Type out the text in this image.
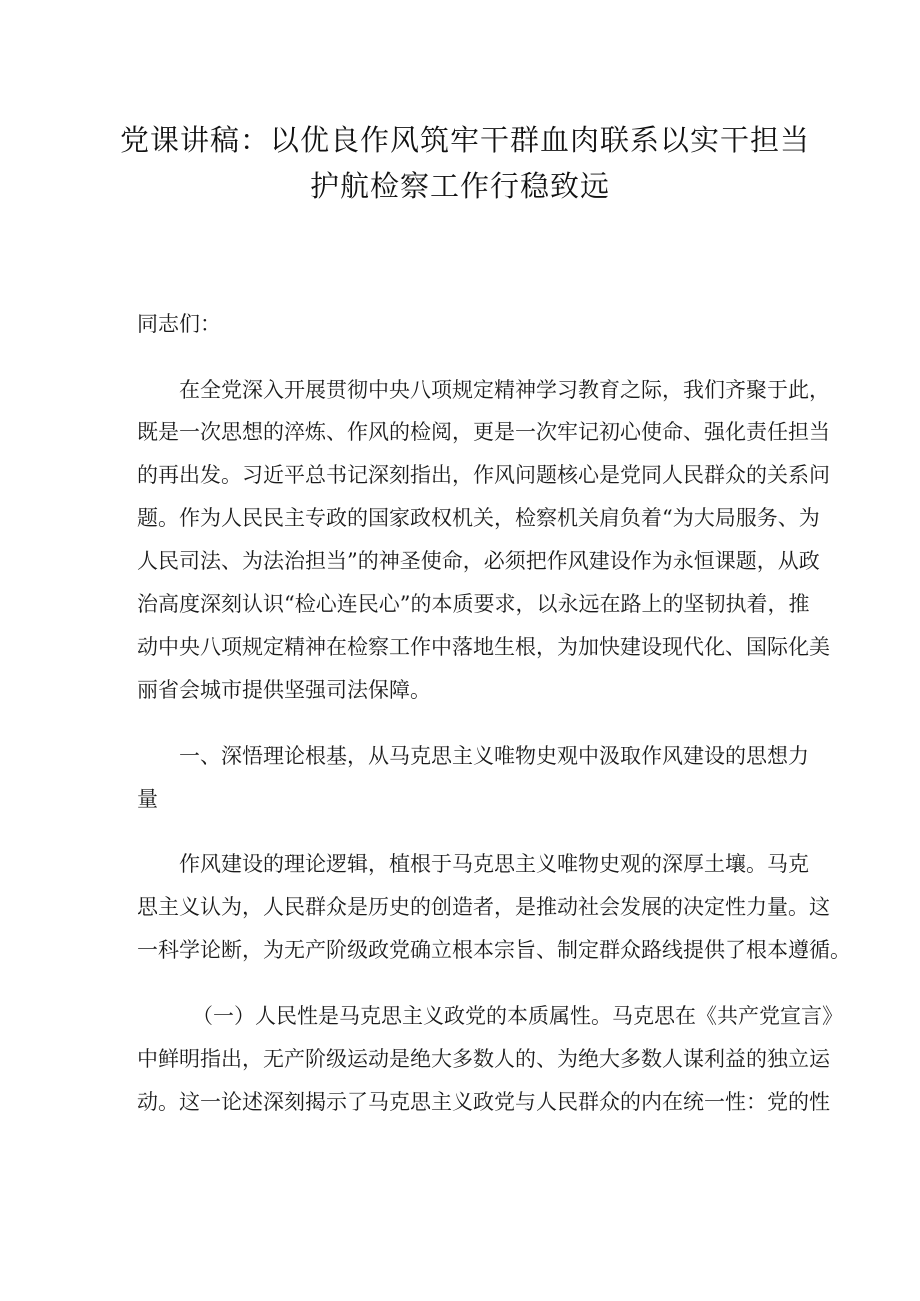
党课讲稿：以优良作风筑牢干群血肉联系以实干担当
护航检察工作行稳致远
同志们：
在全党深入开展贯彻中央八项规定精神学习教育之际，我们齐聚于此，
既是一次思想的淬炼、作风的检阅，更是一次牢记初心使命、强化责任担当
的再出发。习近平总书记深刻指出，作风问题核心是党同人民群众的关系问
题。作为人民民主专政的国家政权机关，检察机关肩负着“为大局服务、为
人民司法、为法治担当”的神圣使命，必须把作风建设作为永恒课题，从政
治高度深刻认识“检心连民心”的本质要求，以永远在路上的坚韧执着，推
动中央八项规定精神在检察工作中落地生根，为加快建设现代化、国际化美
丽省会城市提供坚强司法保障。
一、深悟理论根基，从马克思主义唯物史观中汲取作风建设的思想力
量
作风建设的理论逻辑，植根于马克思主义唯物史观的深厚土壤。马克
思主义认为，人民群众是历史的创造者，是推动社会发展的决定性力量。这
一科学论断，为无产阶级政党确立根本宗旨、制定群众路线提供了根本遵循。
（一）人民性是马克思主义政党的本质属性。马克思在《共产党宣言》
中鲜明指出，无产阶级运动是绝大多数人的、为绝大多数人谋利益的独立运
动。这一论述深刻揭示了马克思主义政党与人民群众的内在统一性：党的性
